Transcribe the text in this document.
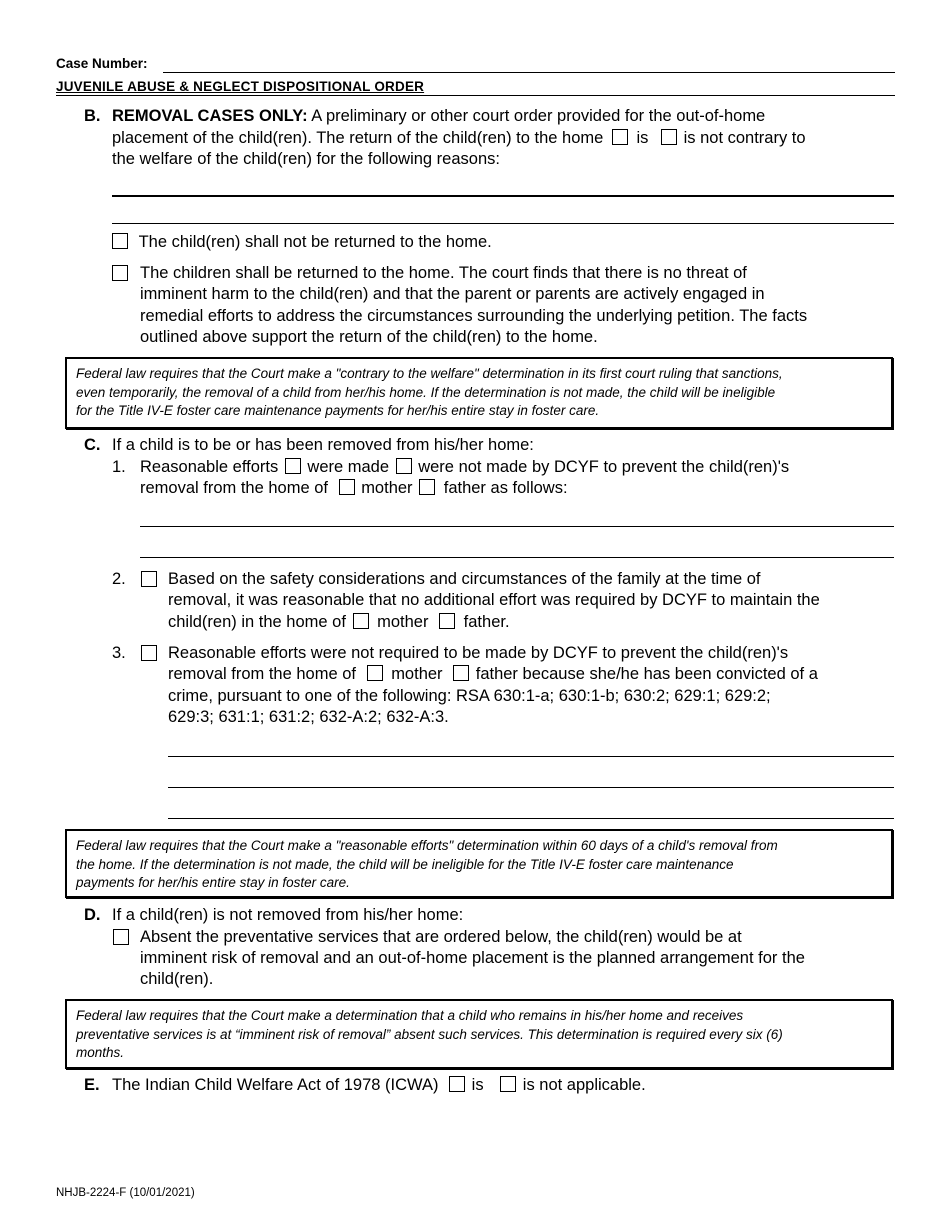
Case Number:
JUVENILE ABUSE & NEGLECT DISPOSITIONAL ORDER
B. REMOVAL CASES ONLY: A preliminary or other court order provided for the out-of-home
placement of the child(ren). The return of the child(ren) to the home is is not contrary to
the welfare of the child(ren) for the following reasons:
The child(ren) shall not be returned to the home.
The children shall be returned to the home. The court finds that there is no threat of
imminent harm to the child(ren) and that the parent or parents are actively engaged in
remedial efforts to address the circumstances surrounding the underlying petition. The facts
outlined above support the return of the child(ren) to the home.
Federal law requires that the Court make a "contrary to the welfare" determination in its first court ruling that sanctions,
even temporarily, the removal of a child from her/his home. If the determination is not made, the child will be ineligible
for the Title IV-E foster care maintenance payments for her/his entire stay in foster care.
C. If a child is to be or has been removed from his/her home:
1. Reasonable efforts were made were not made by DCYF to prevent the child(ren)'s
removal from the home of mother father as follows:
2.	Based on the safety considerations and circumstances of the family at the time of
removal, it was reasonable that no additional effort was required by DCYF to maintain the
child(ren) in the home of mother father.
3.	Reasonable efforts were not required to be made by DCYF to prevent the child(ren)'s
removal from the home of mother father because she/he has been convicted of a
crime, pursuant to one of the following: RSA 630:1-a; 630:1-b; 630:2; 629:1; 629:2;
629:3; 631:1; 631:2; 632-A:2; 632-A:3.
Federal law requires that the Court make a "reasonable efforts" determination within 60 days of a child's removal from
the home. If the determination is not made, the child will be ineligible for the Title IV-E foster care maintenance
payments for her/his entire stay in foster care.
D. If a child(ren) is not removed from his/her home:
Absent the preventative services that are ordered below, the child(ren) would be at
imminent risk of removal and an out-of-home placement is the planned arrangement for the
child(ren).
Federal law requires that the Court make a determination that a child who remains in his/her home and receives
preventative services is at “imminent risk of removal” absent such services. This determination is required every six (6)
months.
E. The Indian Child Welfare Act of 1978 (ICWA) is is not applicable.
NHJB-2224-F (10/01/2021)
